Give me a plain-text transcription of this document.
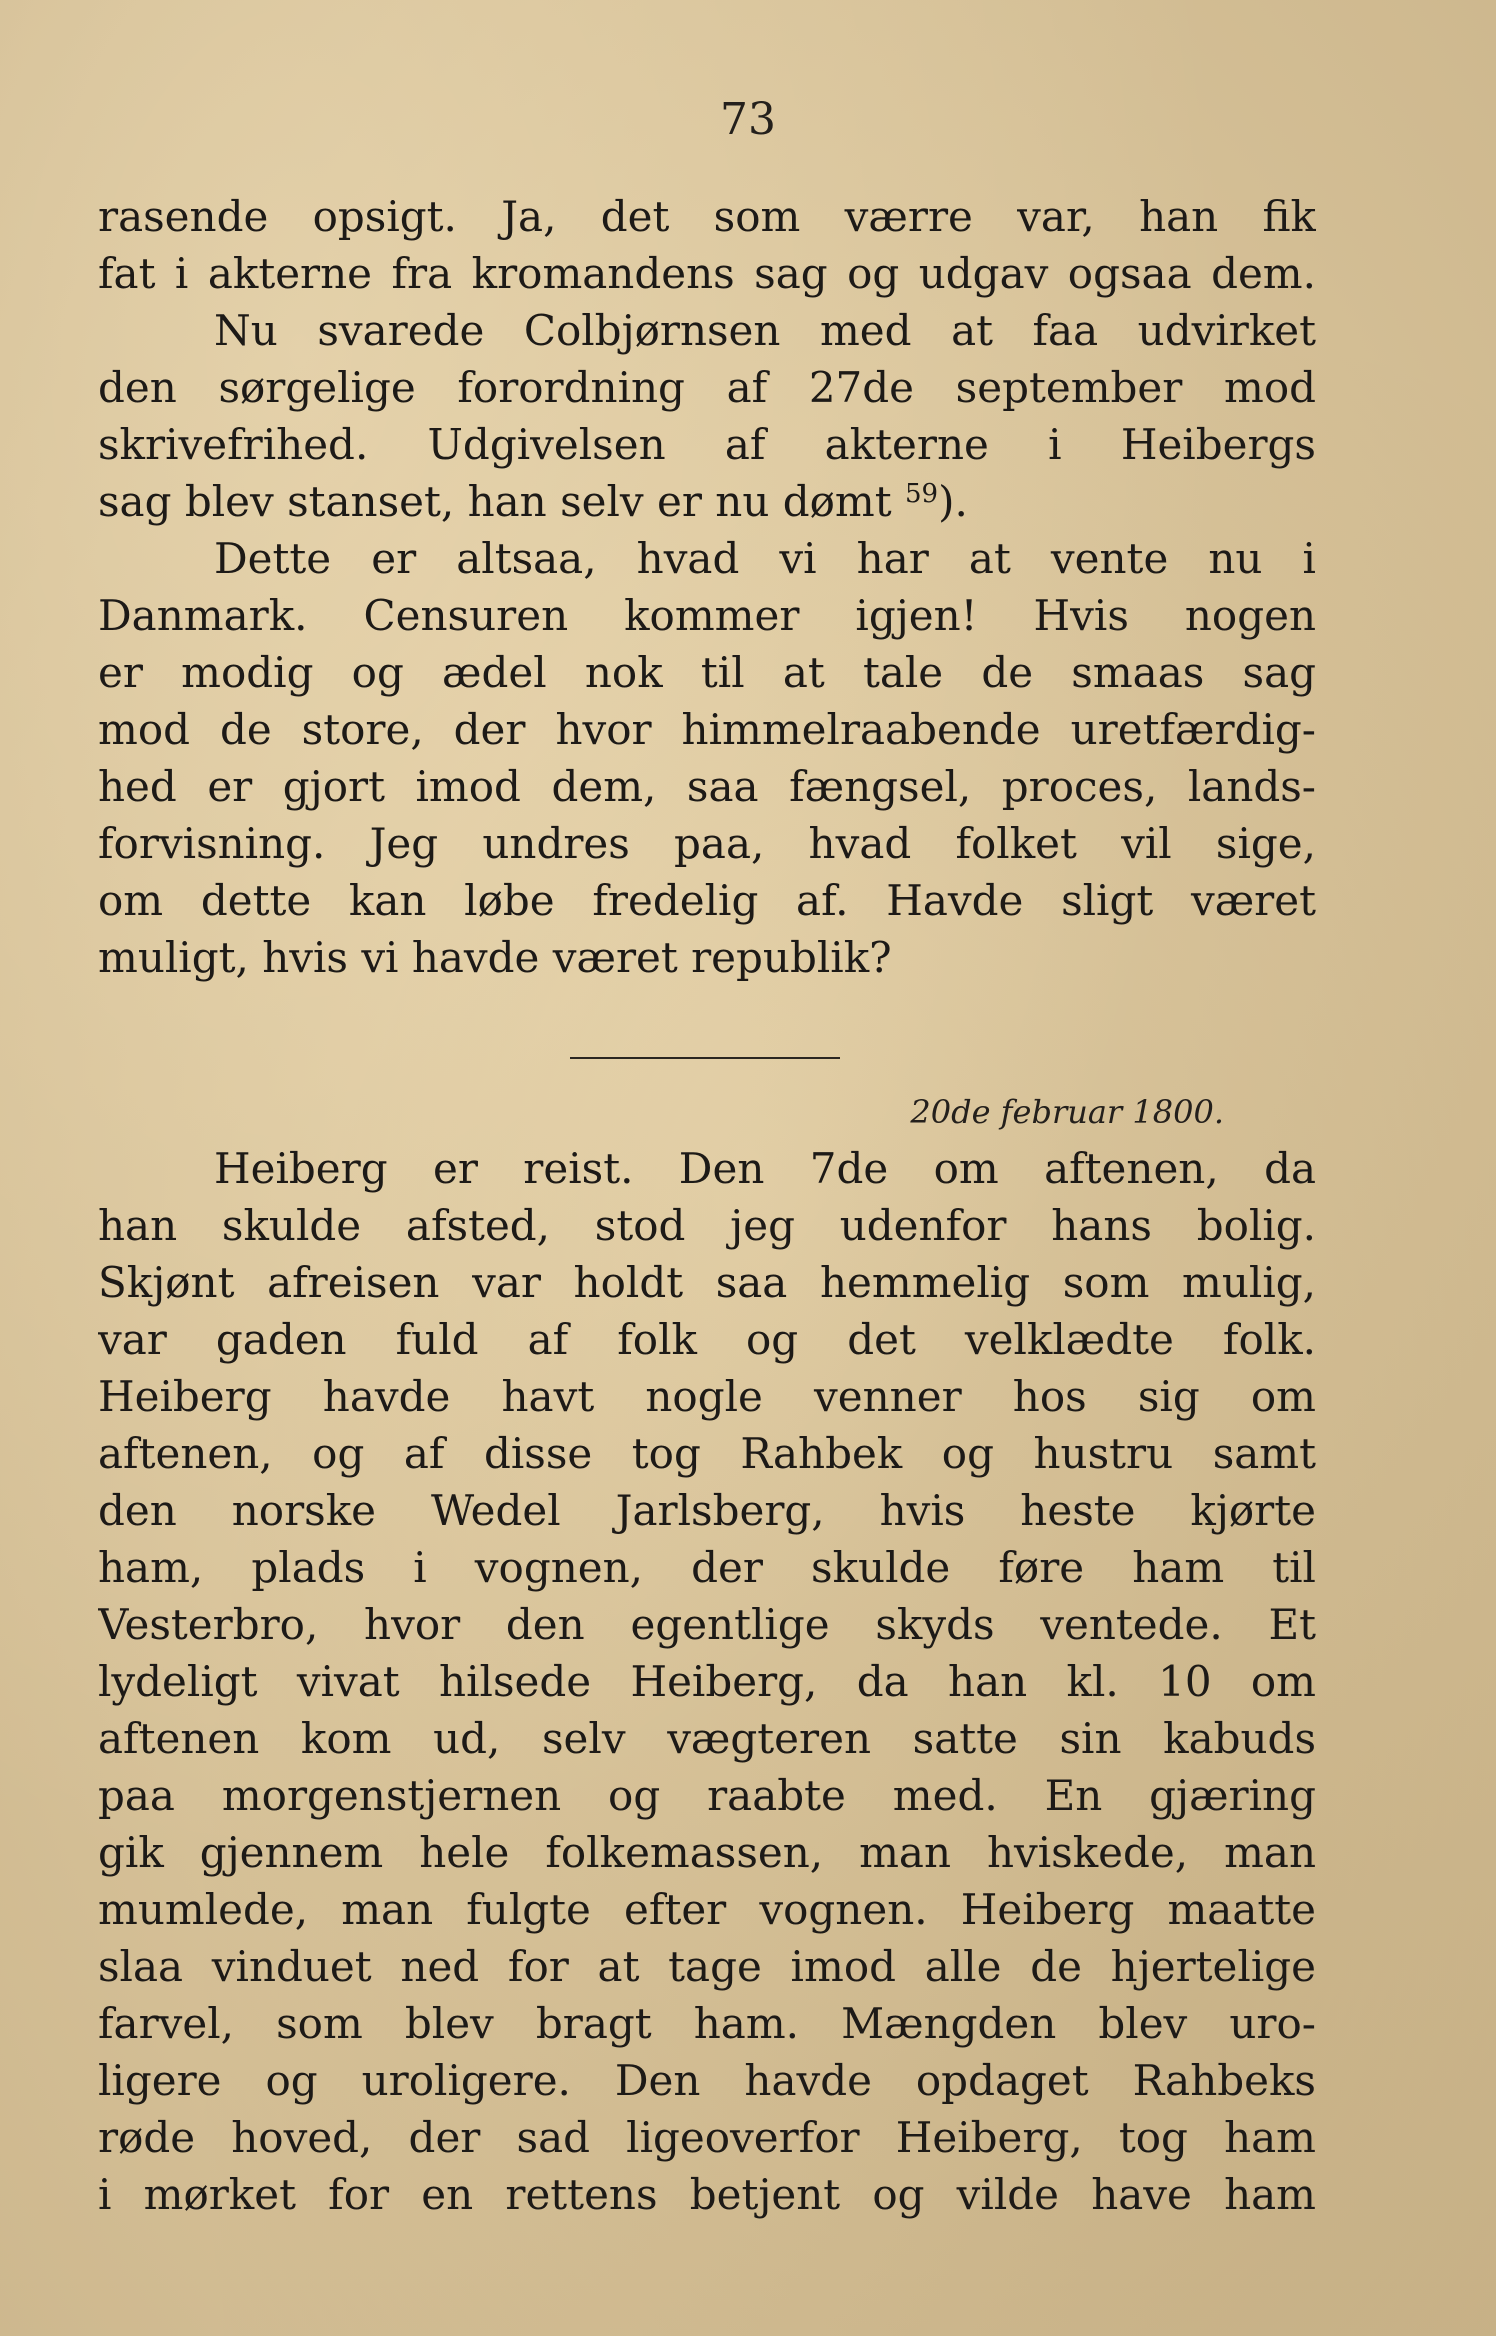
73
rasende opsigt. Ja, det som værre var, han fik
fat i akterne fra kromandens sag og udgav ogsaa dem.
Nu svarede Colbjørnsen med at faa udvirket
den sørgelige forordning af 27de september mod
skrivefrihed. Udgivelsen af akterne i Heibergs
sag blev stanset, han selv er nu dømt $^{59}$).
Dette er altsaa, hvad vi har at vente nu i
Danmark. Censuren kommer igjen! Hvis nogen
er modig og ædel nok til at tale de smaas sag
mod de store, der hvor himmelraabende uretfærdig-
hed er gjort imod dem, saa fængsel, proces, lands-
forvisning. Jeg undres paa, hvad folket vil sige,
om dette kan løbe fredelig af. Havde sligt været
muligt, hvis vi havde været republik?
20de februar 1800.
Heiberg er reist. Den 7de om aftenen, da
han skulde afsted, stod jeg udenfor hans bolig.
Skjønt afreisen var holdt saa hemmelig som mulig,
var gaden fuld af folk og det velklædte folk.
Heiberg havde havt nogle venner hos sig om
aftenen, og af disse tog Rahbek og hustru samt
den norske Wedel Jarlsberg, hvis heste kjørte
ham, plads i vognen, der skulde føre ham til
Vesterbro, hvor den egentlige skyds ventede. Et
lydeligt vivat hilsede Heiberg, da han kl. 10 om
aftenen kom ud, selv vægteren satte sin kabuds
paa morgenstjernen og raabte med. En gjæring
gik gjennem hele folkemassen, man hviskede, man
mumlede, man fulgte efter vognen. Heiberg maatte
slaa vinduet ned for at tage imod alle de hjertelige
farvel, som blev bragt ham. Mængden blev uro-
ligere og uroligere. Den havde opdaget Rahbeks
røde hoved, der sad ligeoverfor Heiberg, tog ham
i mørket for en rettens betjent og vilde have ham
